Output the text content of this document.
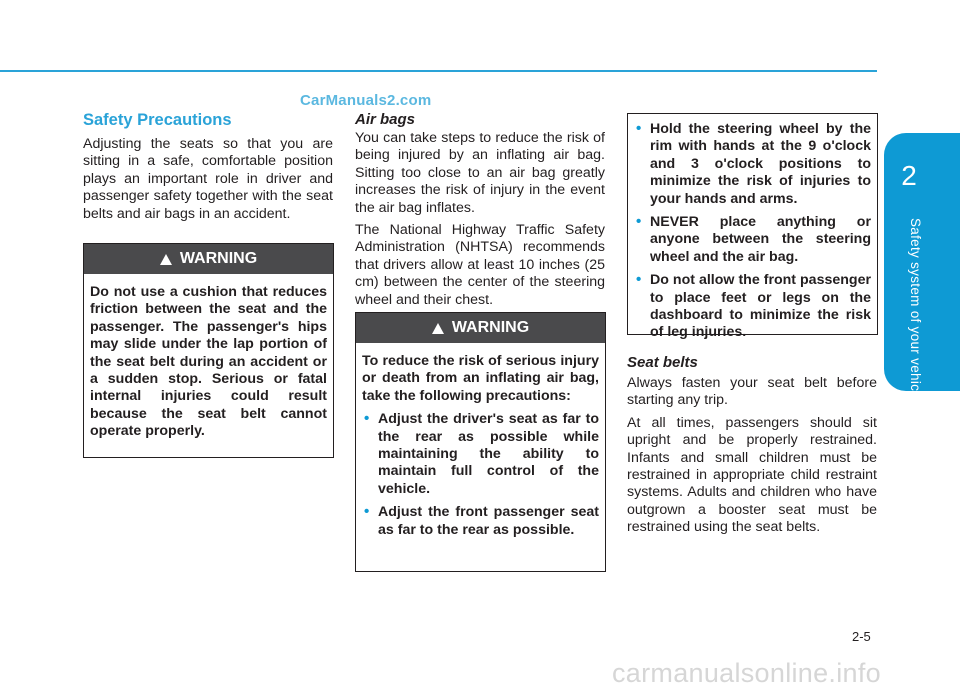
CarManuals2.com
2
Safety system of your vehicle
Safety Precautions
Adjusting the seats so that you are sitting in a safe, comfortable position plays an important role in driver and passenger safety together with the seat belts and air bags in an accident.
WARNING
Do not use a cushion that reduces friction between the seat and the passenger. The passenger's hips may slide under the lap portion of the seat belt during an accident or a sudden stop. Serious or fatal internal injuries could result because the seat belt cannot operate properly.
Air bags
You can take steps to reduce the risk of being injured by an inflating air bag. Sitting too close to an air bag greatly increases the risk of injury in the event the air bag inflates.
The National Highway Traffic Safety Administration (NHTSA) recommends that drivers allow at least 10 inches (25 cm) between the center of the steering wheel and their chest.
WARNING
To reduce the risk of serious injury or death from an inflating air bag, take the following precautions:
• Adjust the driver's seat as far to the rear as possible while maintaining the ability to maintain full control of the vehicle.
• Adjust the front passenger seat as far to the rear as possible.
• Hold the steering wheel by the rim with hands at the 9 o'clock and 3 o'clock positions to minimize the risk of injuries to your hands and arms.
• NEVER place anything or anyone between the steering wheel and the air bag.
• Do not allow the front passenger to place feet or legs on the dashboard to minimize the risk of leg injuries.
Seat belts
Always fasten your seat belt before starting any trip.
At all times, passengers should sit upright and be properly restrained. Infants and small children must be restrained in appropriate child restraint systems. Adults and children who have outgrown a booster seat must be restrained using the seat belts.
2-5
carmanualsonline.info
